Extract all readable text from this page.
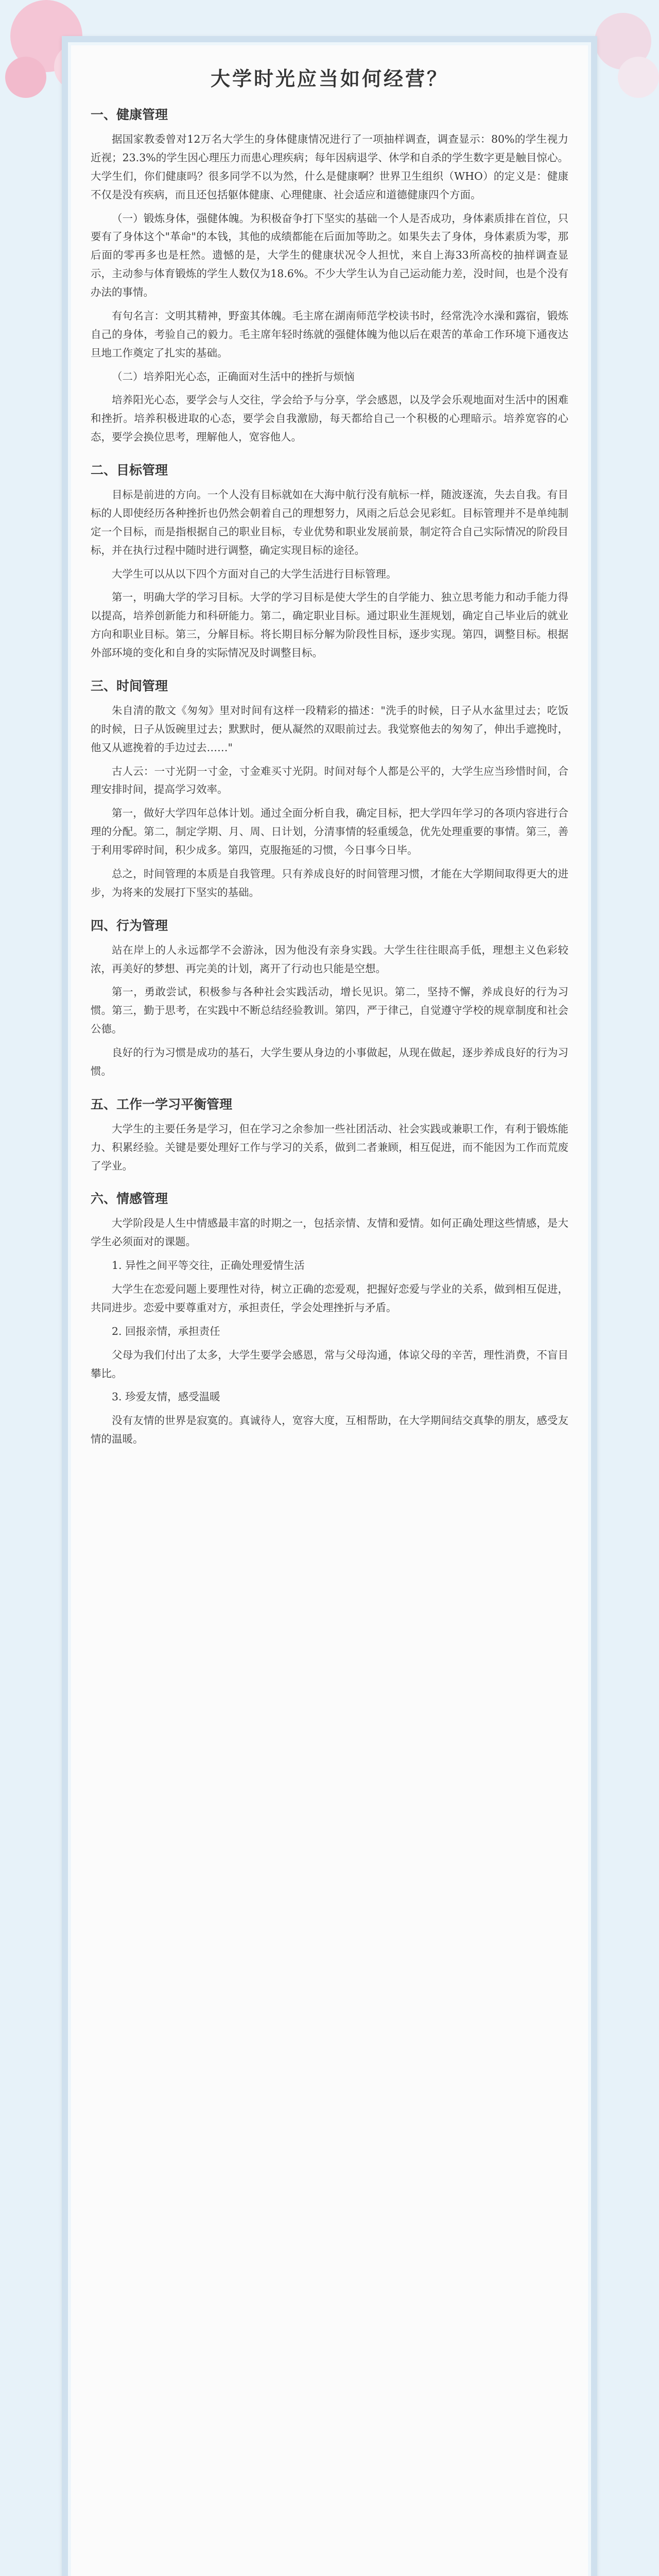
大学时光应当如何经营？
一、健康管理

据国家教委曾对12万名大学生的身体健康情况进行了一项抽样调查，调查显示：80%的学生视力近视；23.3%的学生因心理压力而患心理疾病；每年因病退学、休学和自杀的学生数字更是触目惊心。大学生们，你们健康吗？很多同学不以为然，什么是健康啊？世界卫生组织（WHO）的定义是：健康不仅是没有疾病，而且还包括躯体健康、心理健康、社会适应和道德健康四个方面。

（一）锻炼身体，强健体魄。为积极奋争打下坚实的基础一个人是否成功，身体素质排在首位，只要有了身体这个"革命"的本钱，其他的成绩都能在后面加等助之。如果失去了身体，身体素质为零，那后面的零再多也是枉然。遗憾的是，大学生的健康状况令人担忧，来自上海33所高校的抽样调查显示，主动参与体育锻炼的学生人数仅为18.6%。不少大学生认为自己运动能力差，没时间，也是个没有办法的事情。

有句名言：文明其精神，野蛮其体魄。毛主席在湖南师范学校读书时，经常洗冷水澡和露宿，锻炼自己的身体，考验自己的毅力。毛主席年轻时练就的强健体魄为他以后在艰苦的革命工作环境下通夜达旦地工作奠定了扎实的基础。

（二）培养阳光心态，正确面对生活中的挫折与烦恼

培养阳光心态，要学会与人交往，学会给予与分享，学会感恩，以及学会乐观地面对生活中的困难和挫折。培养积极进取的心态，要学会自我激励，每天都给自己一个积极的心理暗示。培养宽容的心态，要学会换位思考，理解他人，宽容他人。

二、目标管理

目标是前进的方向。一个人没有目标就如在大海中航行没有航标一样，随波逐流，失去自我。有目标的人即使经历各种挫折也仍然会朝着自己的理想努力，风雨之后总会见彩虹。目标管理并不是单纯制定一个目标，而是指根据自己的职业目标，专业优势和职业发展前景，制定符合自己实际情况的阶段目标，并在执行过程中随时进行调整，确定实现目标的途径。

大学生可以从以下四个方面对自己的大学生活进行目标管理。

第一，明确大学的学习目标。大学的学习目标是使大学生的自学能力、独立思考能力和动手能力得以提高，培养创新能力和科研能力。第二，确定职业目标。通过职业生涯规划，确定自己毕业后的就业方向和职业目标。第三，分解目标。将长期目标分解为阶段性目标，逐步实现。第四，调整目标。根据外部环境的变化和自身的实际情况及时调整目标。

三、时间管理

朱自清的散文《匆匆》里对时间有这样一段精彩的描述："洗手的时候，日子从水盆里过去；吃饭的时候，日子从饭碗里过去；默默时，便从凝然的双眼前过去。我觉察他去的匆匆了，伸出手遮挽时，他又从遮挽着的手边过去……"

古人云：一寸光阴一寸金，寸金难买寸光阴。时间对每个人都是公平的，大学生应当珍惜时间，合理安排时间，提高学习效率。

第一，做好大学四年总体计划。通过全面分析自我，确定目标，把大学四年学习的各项内容进行合理的分配。第二，制定学期、月、周、日计划，分清事情的轻重缓急，优先处理重要的事情。第三，善于利用零碎时间，积少成多。第四，克服拖延的习惯，今日事今日毕。

总之，时间管理的本质是自我管理。只有养成良好的时间管理习惯，才能在大学期间取得更大的进步，为将来的发展打下坚实的基础。

四、行为管理

站在岸上的人永远都学不会游泳，因为他没有亲身实践。大学生往往眼高手低，理想主义色彩较浓，再美好的梦想、再完美的计划，离开了行动也只能是空想。

第一，勇敢尝试，积极参与各种社会实践活动，增长见识。第二，坚持不懈，养成良好的行为习惯。第三，勤于思考，在实践中不断总结经验教训。第四，严于律己，自觉遵守学校的规章制度和社会公德。

良好的行为习惯是成功的基石，大学生要从身边的小事做起，从现在做起，逐步养成良好的行为习惯。

五、工作一学习平衡管理

大学生的主要任务是学习，但在学习之余参加一些社团活动、社会实践或兼职工作，有利于锻炼能力、积累经验。关键是要处理好工作与学习的关系，做到二者兼顾，相互促进，而不能因为工作而荒废了学业。

六、情感管理

大学阶段是人生中情感最丰富的时期之一，包括亲情、友情和爱情。如何正确处理这些情感，是大学生必须面对的课题。

1. 异性之间平等交往，正确处理爱情生活

大学生在恋爱问题上要理性对待，树立正确的恋爱观，把握好恋爱与学业的关系，做到相互促进，共同进步。恋爱中要尊重对方，承担责任，学会处理挫折与矛盾。

2. 回报亲情，承担责任

父母为我们付出了太多，大学生要学会感恩，常与父母沟通，体谅父母的辛苦，理性消费，不盲目攀比。

3. 珍爱友情，感受温暖

没有友情的世界是寂寞的。真诚待人，宽容大度，互相帮助，在大学期间结交真挚的朋友，感受友情的温暖。
